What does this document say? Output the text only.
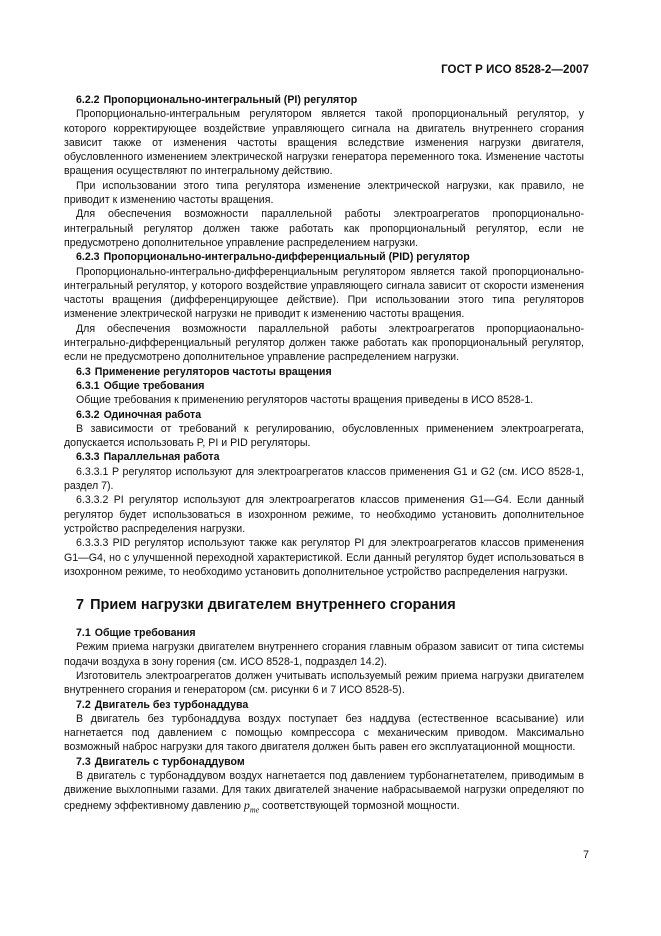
ГОСТ Р ИСО 8528-2—2007

6.2.2 Пропорционально-интегральный (PI) регулятор

Пропорционально-интегральным регулятором является такой пропорциональный регулятор, у которого корректирующее воздействие управляющего сигнала на двигатель внутреннего сгорания зависит также от изменения частоты вращения вследствие изменения нагрузки двигателя, обусловленного изменением электрической нагрузки генератора переменного тока. Изменение частоты вращения осуществляют по интегральному действию.

При использовании этого типа регулятора изменение электрической нагрузки, как правило, не приводит к изменению частоты вращения.

Для обеспечения возможности параллельной работы электроагрегатов пропорционально-интегральный регулятор должен также работать как пропорциональный регулятор, если не предусмотрено дополнительное управление распределением нагрузки.

6.2.3 Пропорционально-интегрально-дифференциальный (PID) регулятор

Пропорционально-интегрально-дифференциальным регулятором является такой пропорционально-интегральный регулятор, у которого воздействие управляющего сигнала зависит от скорости изменения частоты вращения (дифференцирующее действие). При использовании этого типа регуляторов изменение электрической нагрузки не приводит к изменению частоты вращения.

Для обеспечения возможности параллельной работы электроагрегатов пропорциаонально-интегрально-дифференциальный регулятор должен также работать как пропорциональный регулятор, если не предусмотрено дополнительное управление распределением нагрузки.

6.3 Применение регуляторов частоты вращения

6.3.1 Общие требования

Общие требования к применению регуляторов частоты вращения приведены в ИСО 8528-1.

6.3.2 Одиночная работа

В зависимости от требований к регулированию, обусловленных применением электроагрегата, допускается использовать P, PI и PID регуляторы.

6.3.3 Параллельная работа

6.3.3.1 P регулятор используют для электроагрегатов классов применения G1 и G2 (см. ИСО 8528-1, раздел 7).

6.3.3.2 PI регулятор используют для электроагрегатов классов применения G1—G4. Если данный регулятор будет использоваться в изохронном режиме, то необходимо установить дополнительное устройство распределения нагрузки.

6.3.3.3 PID регулятор используют также как регулятор PI для электроагрегатов классов применения G1—G4, но с улучшенной переходной характеристикой. Если данный регулятор будет использоваться в изохронном режиме, то необходимо установить дополнительное устройство распределения нагрузки.

7 Прием нагрузки двигателем внутреннего сгорания

7.1 Общие требования

Режим приема нагрузки двигателем внутреннего сгорания главным образом зависит от типа системы подачи воздуха в зону горения (см. ИСО 8528-1, подраздел 14.2).

Изготовитель электроагрегатов должен учитывать используемый режим приема нагрузки двигателем внутреннего сгорания и генератором (см. рисунки 6 и 7 ИСО 8528-5).

7.2 Двигатель без турбонаддува

В двигатель без турбонаддува воздух поступает без наддува (естественное всасывание) или нагнетается под давлением с помощью компрессора с механическим приводом. Максимально возможный наброс нагрузки для такого двигателя должен быть равен его эксплуатационной мощности.

7.3 Двигатель с турбонаддувом

В двигатель с турбонаддувом воздух нагнетается под давлением турбонагнетателем, приводимым в движение выхлопными газами. Для таких двигателей значение набрасываемой нагрузки определяют по среднему эффективному давлению $p_{me}$ соответствующей тормозной мощности.

7
